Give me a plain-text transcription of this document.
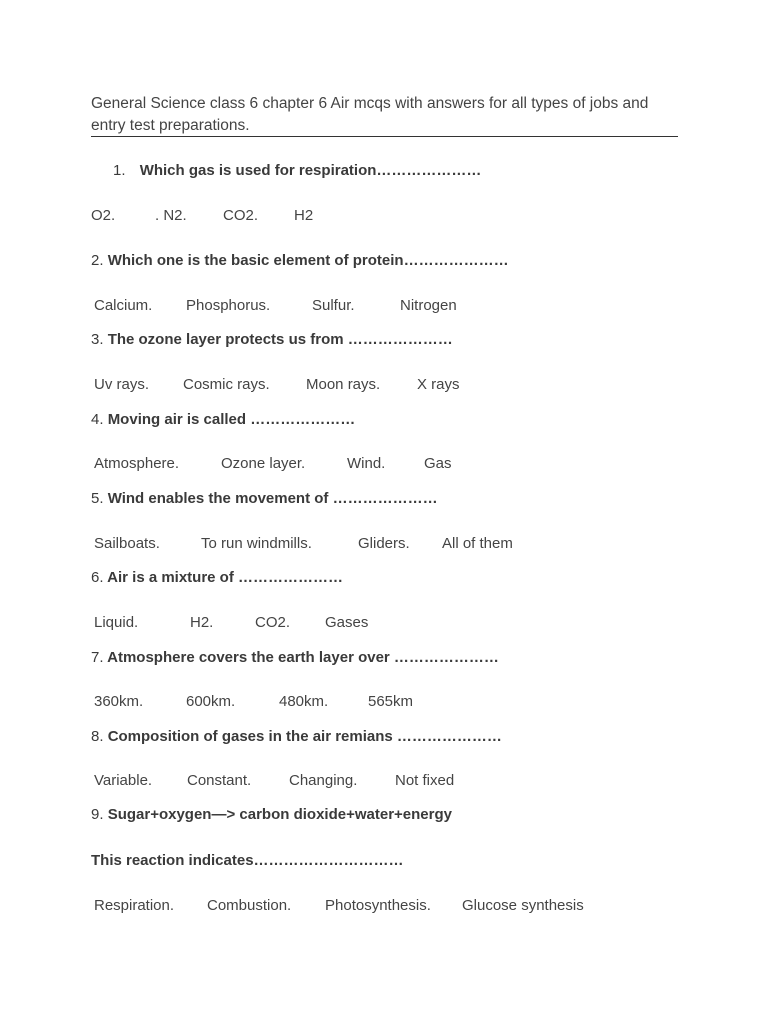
General Science class 6 chapter 6 Air mcqs with answers for all types of jobs and entry test preparations.
1. Which gas is used for respiration…………………
O2.	. N2. CO2. H2
2. Which one is the basic element of protein…………………
Calcium. Phosphorus.	Sulfur.	Nitrogen
3. The ozone layer protects us from …………………
Uv rays. Cosmic rays. Moon rays. X rays
4. Moving air is called …………………
Atmosphere.	Ozone layer.	Wind.	Gas
5. Wind enables the movement of …………………
Sailboats.	To run windmills.	Gliders. All of them
6. Air is a mixture of …………………
Liquid.	H2.	CO2. Gases
7. Atmosphere covers the earth layer over …………………
360km.	600km.	480km.	565km
8. Composition of gases in the air remians …………………
Variable. Constant.	Changing.	Not fixed
9. Sugar+oxygen—> carbon dioxide+water+energy
This reaction indicates…………………………
Respiration. Combustion. Photosynthesis. Glucose synthesis
